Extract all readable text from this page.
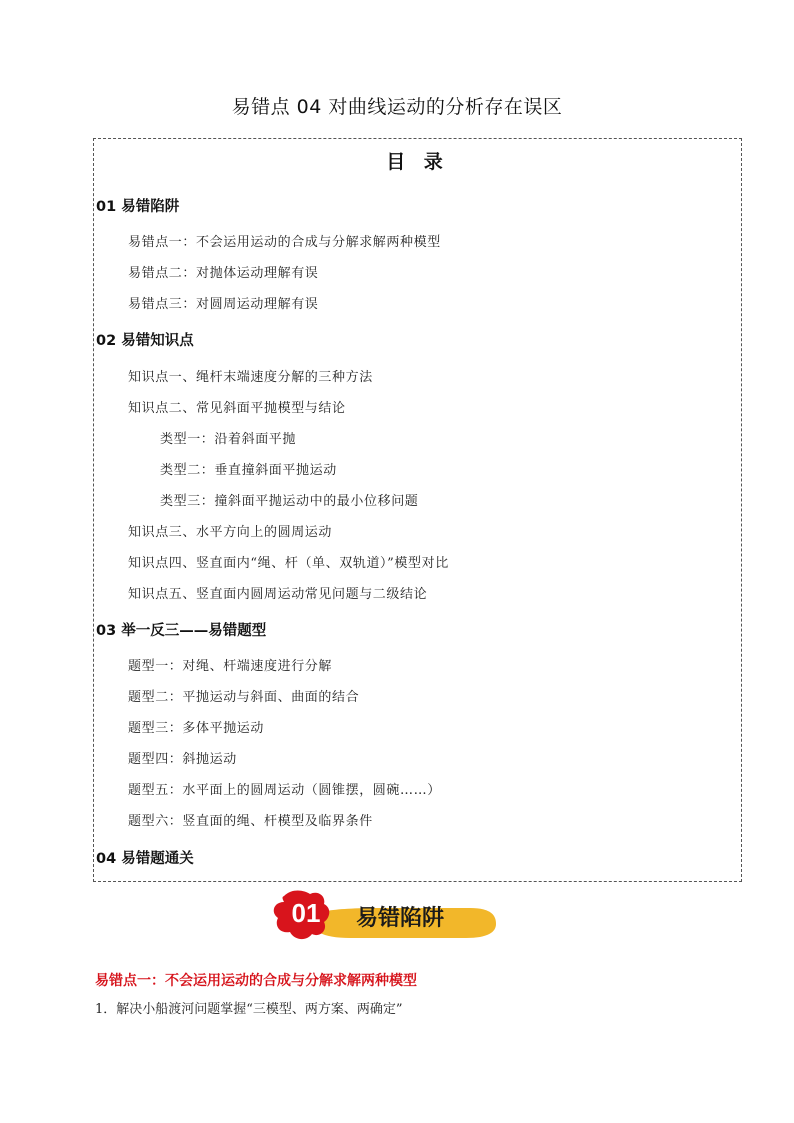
易错点 04 对曲线运动的分析存在误区
目 录
01 易错陷阱
易错点一：不会运用运动的合成与分解求解两种模型
易错点二：对抛体运动理解有误
易错点三：对圆周运动理解有误
02 易错知识点
知识点一、绳杆末端速度分解的三种方法
知识点二、常见斜面平抛模型与结论
类型一：沿着斜面平抛
类型二：垂直撞斜面平抛运动
类型三：撞斜面平抛运动中的最小位移问题
知识点三、水平方向上的圆周运动
知识点四、竖直面内“绳、杆（单、双轨道）”模型对比
知识点五、竖直面内圆周运动常见问题与二级结论
03 举一反三——易错题型
题型一：对绳、杆端速度进行分解
题型二：平抛运动与斜面、曲面的结合
题型三：多体平抛运动
题型四：斜抛运动
题型五：水平面上的圆周运动（圆锥摆，圆碗……）
题型六：竖直面的绳、杆模型及临界条件
04 易错题通关
01 易错陷阱
易错点一：不会运用运动的合成与分解求解两种模型
1．解决小船渡河问题掌握“三模型、两方案、两确定”
